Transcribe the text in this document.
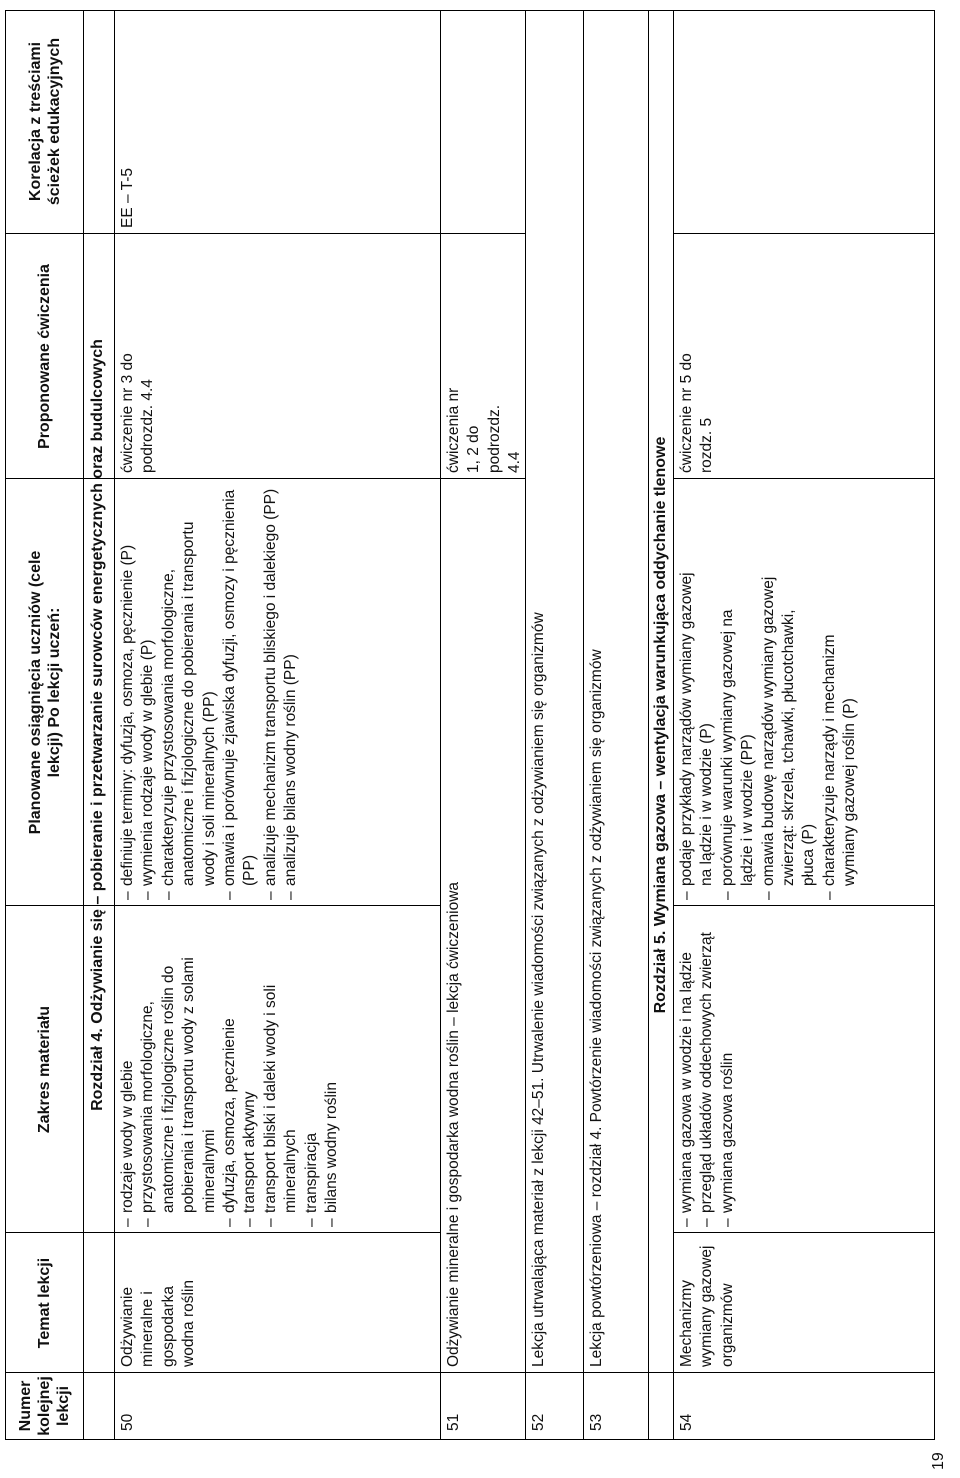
Numer kolejnej lekcji
Temat lekcji
Zakres materiału
Planowane osiągnięcia uczniów (cele lekcji) Po lekcji uczeń:
Proponowane ćwiczenia
Korelacja z treściami ścieżek edukacyjnych
Rozdział 4. Odżywianie się – pobieranie i przetwarzanie surowców energetycznych oraz budulcowych
50
Odżywianie mineralne i gospodarka wodna roślin
– rodzaje wody w glebie – przystosowania morfologiczne, anatomiczne i fizjologiczne roślin do pobierania i transportu wody z solami mineralnymi – dyfuzja, osmoza, pęcznienie – transport aktywny – transport bliski i daleki wody i soli mineralnych – transpiracja – bilans wodny roślin
– definiuje terminy: dyfuzja, osmoza, pęcznienie (P) – wymienia rodzaje wody w glebie (P) – charakteryzuje przystosowania morfologiczne, anatomiczne i fizjologiczne do pobierania i transportu wody i soli mineralnych (PP) – omawia i porównuje zjawiska dyfuzji, osmozy i pęcznienia (PP) – analizuje mechanizm transportu bliskiego i dalekiego (PP) – analizuje bilans wodny roślin (PP)
ćwiczenie nr 3 do podrozdz. 4.4
EE – T-5
51
Odżywianie mineralne i gospodarka wodna roślin – lekcja ćwiczeniowa
ćwiczenia nr 1, 2 do podrozdz. 4.4
52
Lekcja utrwalająca materiał z lekcji 42–51. Utrwalenie wiadomości związanych z odżywianiem się organizmów
53
Lekcja powtórzeniowa – rozdział 4. Powtórzenie wiadomości związanych z odżywianiem się organizmów	Rozdział 5. Wymiana gazowa – wentylacja warunkująca oddychanie tlenowe
54
Mechanizmy wymiany gazowej organizmów
– wymiana gazowa w wodzie i na lądzie – przegląd układów oddechowych zwierząt – wymiana gazowa roślin
– podaje przykłady narządów wymiany gazowej na lądzie i w wodzie (P) – porównuje warunki wymiany gazowej na lądzie i w wodzie (PP) – omawia budowę narządów wymiany gazowej zwierząt: skrzela, tchawki, płucotchawki, płuca (P) – charakteryzuje narządy i mechanizm wymiany gazowej roślin (P)
ćwiczenie nr 5 do rozdz. 5
19
